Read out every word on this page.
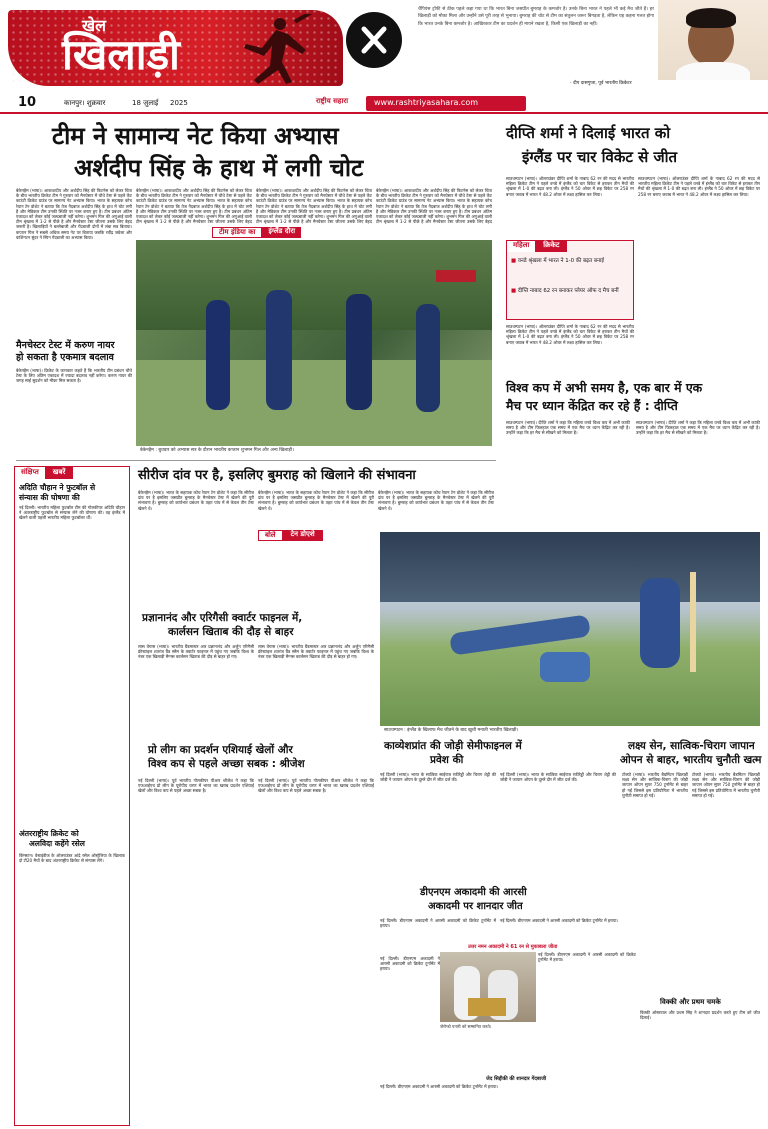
खेल
खिलाड़ी
चैंपियंस ट्रॉफी से ठीक पहले कहा गया था कि भारत बिना जसप्रीत बुमराह के कमजोर है। उनके बिना भारत ने पहले भी कई मैच जीते हैं। हर खिलाड़ी को मौका मिला और उन्होंने उसे पूरी तरह से भुनाया। बुमराह की चोट से टीम का संतुलन जरूर बिगड़ता है, लेकिन यह कहना गलत होगा कि भारत उनके बिना कमजोर है। आखिरकार टीम का प्रदर्शन ही मायने रखता है, किसी एक खिलाड़ी का नहीं।
- दीप दासगुप्ता, पूर्व भारतीय क्रिकेटर
10	कानपुर। शुक्रवार	18 जुलाई 2025	राष्ट्रीय सहारा	www.rashtriyasahara.com
टीम ने सामान्य नेट किया अभ्यास
अर्शदीप सिंह के हाथ में लगी चोट
बेकेनहैम (भाषा)। आकाशदीप और अर्शदीप सिंह की फिटनेस को लेकर चिंता के बीच भारतीय क्रिकेट टीम ने गुरुवार को मैनचेस्टर में चौथे टेस्ट से पहले केंट काउंटी क्रिकेट ग्राउंड पर सामान्य नेट अभ्यास किया। भारत के सहायक कोच रेयान टेन डोशेट ने बताया कि तेज गेंदबाज अर्शदीप सिंह के हाथ में चोट लगी है और मेडिकल टीम उनकी स्थिति पर नजर बनाए हुए है। टीम प्रबंधन अंतिम एकादश को लेकर कोई जल्दबाजी नहीं करेगा। शुभमन गिल की अगुआई वाली टीम श्रृंखला में 1-2 से पीछे है और मैनचेस्टर टेस्ट जीतना उसके लिए बेहद जरूरी है। खिलाड़ियों ने बल्लेबाजी और गेंदबाजी दोनों में लंबा सत्र बिताया। कप्तान गिल ने सबसे अधिक समय नेट पर बिताया जबकि रवींद्र जडेजा और वाशिंगटन सुंदर ने स्पिन गेंदबाजी का अभ्यास किया।
बेकेनहैम (भाषा)। आकाशदीप और अर्शदीप सिंह की फिटनेस को लेकर चिंता के बीच भारतीय क्रिकेट टीम ने गुरुवार को मैनचेस्टर में चौथे टेस्ट से पहले केंट काउंटी क्रिकेट ग्राउंड पर सामान्य नेट अभ्यास किया। भारत के सहायक कोच रेयान टेन डोशेट ने बताया कि तेज गेंदबाज अर्शदीप सिंह के हाथ में चोट लगी है और मेडिकल टीम उनकी स्थिति पर नजर बनाए हुए है। टीम प्रबंधन अंतिम एकादश को लेकर कोई जल्दबाजी नहीं करेगा। शुभमन गिल की अगुआई वाली टीम श्रृंखला में 1-2 से पीछे है और मैनचेस्टर टेस्ट जीतना उसके लिए बेहद
बेकेनहैम (भाषा)। आकाशदीप और अर्शदीप सिंह की फिटनेस को लेकर चिंता के बीच भारतीय क्रिकेट टीम ने गुरुवार को मैनचेस्टर में चौथे टेस्ट से पहले केंट काउंटी क्रिकेट ग्राउंड पर सामान्य नेट अभ्यास किया। भारत के सहायक कोच रेयान टेन डोशेट ने बताया कि तेज गेंदबाज अर्शदीप सिंह के हाथ में चोट लगी है और मेडिकल टीम उनकी स्थिति पर नजर बनाए हुए है। टीम प्रबंधन अंतिम एकादश को लेकर कोई जल्दबाजी नहीं करेगा। शुभमन गिल की अगुआई वाली टीम श्रृंखला में 1-2 से पीछे है और मैनचेस्टर टेस्ट जीतना उसके लिए बेहद
बेकेनहैम (भाषा)। आकाशदीप और अर्शदीप सिंह की फिटनेस को लेकर चिंता के बीच भारतीय क्रिकेट टीम ने गुरुवार को मैनचेस्टर में चौथे टेस्ट से पहले केंट काउंटी क्रिकेट ग्राउंड पर सामान्य नेट अभ्यास किया। भारत के सहायक कोच रेयान टेन डोशेट ने बताया कि तेज गेंदबाज अर्शदीप सिंह के हाथ में चोट लगी है और मेडिकल टीम उनकी स्थिति पर नजर बनाए हुए है। टीम प्रबंधन अंतिम एकादश को लेकर कोई जल्दबाजी नहीं करेगा। शुभमन गिल की अगुआई वाली टीम श्रृंखला में 1-2 से पीछे है और मैनचेस्टर टेस्ट जीतना उसके लिए बेहद
टीम इंडिया का	इंग्लैंड दौरा
बेकेनहैम : बुधवार को अभ्यास सत्र के दौरान भारतीय कप्तान शुभमन गिल और अन्य खिलाड़ी।
मैनचेस्टर टेस्ट में करुण नायर
हो सकता है एकमात्र बदलाव
बेकेनहैम (भाषा)। क्रिकेट के जानकार कहते हैं कि भारतीय टीम प्रबंधन चौथे टेस्ट के लिए अंतिम एकादश में ज्यादा बदलाव नहीं करेगा। करुण नायर की जगह साई सुदर्शन को मौका मिल सकता है।
संक्षिप्त	खबरें
अदिति चौहान ने फुटबॉल से
संन्यास की घोषणा की
नई दिल्ली। भारतीय महिला फुटबॉल टीम की गोलकीपर अदिति चौहान ने अंतरराष्ट्रीय फुटबॉल से संन्यास लेने की घोषणा की। वह इंग्लैंड में खेलने वाली पहली भारतीय महिला फुटबॉलर थीं।
अंतरराष्ट्रीय क्रिकेट को
अलविदा कहेंगे रसेल
किंग्सटन। वेस्टइंडीज के ऑलराउंडर आंद्रे रसेल ऑस्ट्रेलिया के खिलाफ दो टी20 मैचों के बाद अंतरराष्ट्रीय क्रिकेट से संन्यास लेंगे।
सीरीज दांव पर है, इसलिए बुमराह को खिलाने की संभावना
बेकेनहैम (भाषा)। भारत के सहायक कोच रेयान टेन डोशेट ने कहा कि सीरीज दांव पर है इसलिए जसप्रीत बुमराह के मैनचेस्टर टेस्ट में खेलने की पूरी संभावना है। बुमराह को कार्यभार प्रबंधन के तहत पांच में से केवल तीन टेस्ट खेलने थे।
बेकेनहैम (भाषा)। भारत के सहायक कोच रेयान टेन डोशेट ने कहा कि सीरीज दांव पर है इसलिए जसप्रीत बुमराह के मैनचेस्टर टेस्ट में खेलने की पूरी संभावना है। बुमराह को कार्यभार प्रबंधन के तहत पांच में से केवल तीन टेस्ट खेलने थे।
बेकेनहैम (भाषा)। भारत के सहायक कोच रेयान टेन डोशेट ने कहा कि सीरीज दांव पर है इसलिए जसप्रीत बुमराह के मैनचेस्टर टेस्ट में खेलने की पूरी संभावना है। बुमराह को कार्यभार प्रबंधन के तहत पांच में से केवल तीन टेस्ट खेलने थे।
बोले	टेन डोएशे
प्रज्ञानानंद और एरिगैसी क्वार्टर फाइनल में,
कार्लसन खिताब की दौड़ से बाहर
लास वेगास (भाषा)। भारतीय ग्रैंडमास्टर आर प्रज्ञानानंद और अर्जुन एरिगैसी फ्रीस्टाइल शतरंज ग्रैंड स्लैम के क्वार्टर फाइनल में पहुंच गए जबकि विश्व के नंबर एक खिलाड़ी मैग्नस कार्लसन खिताब की दौड़ से बाहर हो गए।
लास वेगास (भाषा)। भारतीय ग्रैंडमास्टर आर प्रज्ञानानंद और अर्जुन एरिगैसी फ्रीस्टाइल शतरंज ग्रैंड स्लैम के क्वार्टर फाइनल में पहुंच गए जबकि विश्व के नंबर एक खिलाड़ी मैग्नस कार्लसन खिताब की दौड़ से बाहर हो गए।
प्रो लीग का प्रदर्शन एशियाई खेलों और
विश्व कप से पहले अच्छा सबक : श्रीजेश
नई दिल्ली (भाषा)। पूर्व भारतीय गोलकीपर पीआर श्रीजेश ने कहा कि एफआईएच प्रो लीग के यूरोपीय चरण में भारत का खराब प्रदर्शन एशियाई खेलों और विश्व कप से पहले अच्छा सबक है।
नई दिल्ली (भाषा)। पूर्व भारतीय गोलकीपर पीआर श्रीजेश ने कहा कि एफआईएच प्रो लीग के यूरोपीय चरण में भारत का खराब प्रदर्शन एशियाई खेलों और विश्व कप से पहले अच्छा सबक है।
काव्येशप्रांत की जोड़ी सेमीफाइनल में
प्रवेश की
नई दिल्ली (भाषा)। भारत के सात्विक साईराज रंकीरेड्डी और चिराग शेट्टी की जोड़ी ने जापान ओपन के दूसरे दौर में जीत दर्ज की।
नई दिल्ली (भाषा)। भारत के सात्विक साईराज रंकीरेड्डी और चिराग शेट्टी की जोड़ी ने जापान ओपन के दूसरे दौर में जीत दर्ज की।
दीप्ति शर्मा ने दिलाई भारत को
इंग्लैंड पर चार विकेट से जीत
साउथम्पटन (भाषा)। ऑलराउंडर दीप्ति शर्मा के नाबाद 62 रन की मदद से भारतीय महिला क्रिकेट टीम ने पहले वनडे में इंग्लैंड को चार विकेट से हराकर तीन मैचों की श्रृंखला में 1-0 की बढ़त बना ली। इंग्लैंड ने 50 ओवर में छह विकेट पर 258 रन बनाए जवाब में भारत ने 48.2 ओवर में लक्ष्य हासिल कर लिया।
साउथम्पटन (भाषा)। ऑलराउंडर दीप्ति शर्मा के नाबाद 62 रन की मदद से भारतीय महिला क्रिकेट टीम ने पहले वनडे में इंग्लैंड को चार विकेट से हराकर तीन मैचों की श्रृंखला में 1-0 की बढ़त बना ली। इंग्लैंड ने 50 ओवर में छह विकेट पर 258 रन बनाए जवाब में भारत ने 48.2 ओवर में लक्ष्य हासिल कर लिया।
महिला	क्रिकेट
■ वनडे श्रृंखला में भारत ने 1-0 की बढ़त बनाई
■ दीप्ति नाबाद 62 रन बनाकर प्लेयर ऑफ द मैच बनीं
साउथम्पटन (भाषा)। ऑलराउंडर दीप्ति शर्मा के नाबाद 62 रन की मदद से भारतीय महिला क्रिकेट टीम ने पहले वनडे में इंग्लैंड को चार विकेट से हराकर तीन मैचों की श्रृंखला में 1-0 की बढ़त बना ली। इंग्लैंड ने 50 ओवर में छह विकेट पर 258 रन बनाए जवाब में भारत ने 48.2 ओवर में लक्ष्य हासिल कर लिया।
विश्व कप में अभी समय है, एक बार में एक
मैच पर ध्यान केंद्रित कर रहे हैं : दीप्ति
साउथम्पटन (भाषा)। दीप्ति शर्मा ने कहा कि महिला वनडे विश्व कप में अभी काफी समय है और टीम फिलहाल एक समय में एक मैच पर ध्यान केंद्रित कर रही है। उन्होंने कहा कि हर मैच से सीखने को मिलता है।
साउथम्पटन (भाषा)। दीप्ति शर्मा ने कहा कि महिला वनडे विश्व कप में अभी काफी समय है और टीम फिलहाल एक समय में एक मैच पर ध्यान केंद्रित कर रही है। उन्होंने कहा कि हर मैच से सीखने को मिलता है।
साउथम्पटन : इंग्लैंड के खिलाफ मैच जीतने के बाद खुशी मनाती भारतीय खिलाड़ी।
लक्ष्य सेन, सात्विक-चिराग जापान
ओपन से बाहर, भारतीय चुनौती खत्म
टोक्यो (भाषा)। भारतीय बैडमिंटन खिलाड़ी लक्ष्य सेन और सात्विक-चिराग की जोड़ी जापान ओपन सुपर 750 टूर्नामेंट से बाहर हो गई जिससे इस प्रतियोगिता में भारतीय चुनौती समाप्त हो गई।
टोक्यो (भाषा)। भारतीय बैडमिंटन खिलाड़ी लक्ष्य सेन और सात्विक-चिराग की जोड़ी जापान ओपन सुपर 750 टूर्नामेंट से बाहर हो गई जिससे इस प्रतियोगिता में भारतीय चुनौती समाप्त हो गई।
विक्की और प्रथम चमके
विक्की ओस्तवाल और प्रथम सिंह ने शानदार प्रदर्शन करते हुए टीम को जीत दिलाई।
डीएनएम अकादमी की आरसी
अकादमी पर शानदार जीत
नई दिल्ली। डीएनएम अकादमी ने आरसी अकादमी को क्रिकेट टूर्नामेंट में हराया।
नई दिल्ली। डीएनएम अकादमी ने आरसी अकादमी को क्रिकेट टूर्नामेंट में हराया।
उत्तर नमन अकादमी ने 61 रन से मुकाबला जीता
नई दिल्ली। डीएनएम अकादमी ने आरसी अकादमी को क्रिकेट टूर्नामेंट में हराया।
जेरोन्डो पनारी को सम्मानित करते।
नई दिल्ली। डीएनएम अकादमी ने आरसी अकादमी को क्रिकेट टूर्नामेंट में हराया।
जेद सिद्दीकी की शानदार गेंदबाजी
नई दिल्ली। डीएनएम अकादमी ने आरसी अकादमी को क्रिकेट टूर्नामेंट में हराया।
